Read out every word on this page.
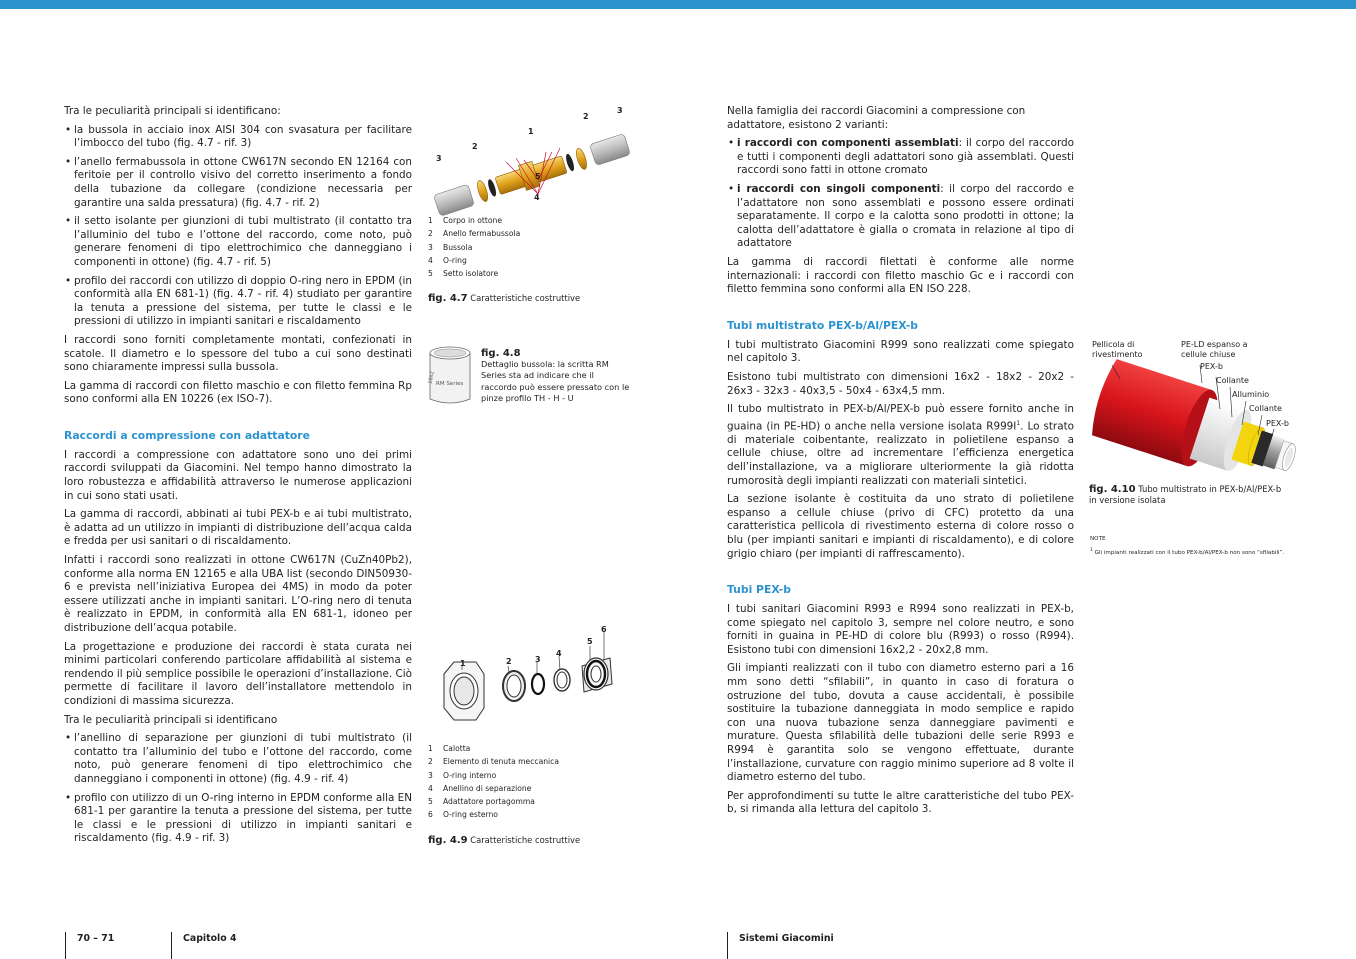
Tra le peculiarità principali si identificano:

• la bussola in acciaio inox AISI 304 con svasatura per facilitare l’imbocco del tubo (fig. 4.7 - rif. 3)
• l’anello fermabussola in ottone CW617N secondo EN 12164 con feritoie per il controllo visivo del corretto inserimento a fondo della tubazione da collegare (condizione necessaria per garantire una salda pressatura) (fig. 4.7 - rif. 2)
• il setto isolante per giunzioni di tubi multistrato (il contatto tra l’alluminio del tubo e l’ottone del raccordo, come noto, può generare fenomeni di tipo elettrochimico che danneggiano i componenti in ottone) (fig. 4.7 - rif. 5)
• profilo dei raccordi con utilizzo di doppio O-ring nero in EPDM (in conformità alla EN 681-1) (fig. 4.7 - rif. 4) studiato per garantire la tenuta a pressione del sistema, per tutte le classi e le pressioni di utilizzo in impianti sanitari e riscaldamento

I raccordi sono forniti completamente montati, confezionati in scatole. Il diametro e lo spessore del tubo a cui sono destinati sono chiaramente impressi sulla bussola.

La gamma di raccordi con filetto maschio e con filetto femmina Rp sono conformi alla EN 10226 (ex ISO-7).

Raccordi a compressione con adattatore

I raccordi a compressione con adattatore sono uno dei primi raccordi sviluppati da Giacomini. Nel tempo hanno dimostrato la loro robustezza e affidabilità attraverso le numerose applicazioni in cui sono stati usati.

La gamma di raccordi, abbinati ai tubi PEX-b e ai tubi multistrato, è adatta ad un utilizzo in impianti di distribuzione dell’acqua calda e fredda per usi sanitari o di riscaldamento.

Infatti i raccordi sono realizzati in ottone CW617N (CuZn40Pb2), conforme alla norma EN 12165 e alla UBA list (secondo DIN50930-6 e prevista nell’iniziativa Europea dei 4MS) in modo da poter essere utilizzati anche in impianti sanitari. L’O-ring nero di tenuta è realizzato in EPDM, in conformità alla EN 681-1, idoneo per distribuzione dell’acqua potabile.

La progettazione e produzione dei raccordi è stata curata nei minimi particolari conferendo particolare affidabilità al sistema e rendendo il più semplice possibile le operazioni d’installazione. Ciò permette di facilitare il lavoro dell’installatore mettendolo in condizioni di massima sicurezza.

Tra le peculiarità principali si identificano

• l’anellino di separazione per giunzioni di tubi multistrato (il contatto tra l’alluminio del tubo e l’ottone del raccordo, come noto, può generare fenomeni di tipo elettrochimico che danneggiano i componenti in ottone) (fig. 4.9 - rif. 4)
• profilo con utilizzo di un O-ring interno in EPDM conforme alla EN 681-1 per garantire la tenuta a pressione del sistema, per tutte le classi e le pressioni di utilizzo in impianti sanitari e riscaldamento (fig. 4.9 - rif. 3)
1
2
3
2
3
4
5
1 Corpo in ottone
2 Anello fermabussola
3 Bussola
4 O-ring
5 Setto isolatore
fig. 4.7 Caratteristiche costruttive
RM Series
16x2
fig. 4.8
Dettaglio bussola: la scritta RM Series sta ad indicare che il raccordo può essere pressato con le pinze profilo TH - H - U
1	2	3
4
5
6
1 Calotta
2 Elemento di tenuta meccanica
3 O-ring interno
4 Anellino di separazione
5 Adattatore portagomma
6 O-ring esterno
fig. 4.9 Caratteristiche costruttive

Nella famiglia dei raccordi Giacomini a compressione con adattatore, esistono 2 varianti:

• i raccordi con componenti assemblati: il corpo del raccordo e tutti i componenti degli adattatori sono già assemblati. Questi raccordi sono fatti in ottone cromato
• i raccordi con singoli componenti: il corpo del raccordo e l’adattatore non sono assemblati e possono essere ordinati separatamente. Il corpo e la calotta sono prodotti in ottone; la calotta dell’adattatore è gialla o cromata in relazione al tipo di adattatore

La gamma di raccordi filettati è conforme alle norme internazionali: i raccordi con filetto maschio Gc e i raccordi con filetto femmina sono conformi alla EN ISO 228.

Tubi multistrato PEX-b/Al/PEX-b

I tubi multistrato Giacomini R999 sono realizzati come spiegato nel capitolo 3.

Esistono tubi multistrato con dimensioni 16x2 - 18x2 - 20x2 - 26x3 - 32x3 - 40x3,5 - 50x4 - 63x4,5 mm.

Il tubo multistrato in PEX-b/Al/PEX-b può essere fornito anche in guaina (in PE-HD) o anche nella versione isolata $R999I^1$. Lo strato di materiale coibentante, realizzato in polietilene espanso a cellule chiuse, oltre ad incrementare l’efficienza energetica dell’installazione, va a migliorare ulteriormente la già ridotta rumorosità degli impianti realizzati con materiali sintetici.

La sezione isolante è costituita da uno strato di polietilene espanso a cellule chiuse (privo di CFC) protetto da una caratteristica pellicola di rivestimento esterna di colore rosso o blu (per impianti sanitari e impianti di riscaldamento), e di colore grigio chiaro (per impianti di raffrescamento).

Tubi PEX-b

I tubi sanitari Giacomini R993 e R994 sono realizzati in PEX-b, come spiegato nel capitolo 3, sempre nel colore neutro, e sono forniti in guaina in PE-HD di colore blu (R993) o rosso (R994). Esistono tubi con dimensioni 16x2,2 - 20x2,8 mm.

Gli impianti realizzati con il tubo con diametro esterno pari a 16 mm sono detti “sfilabili”, in quanto in caso di foratura o ostruzione del tubo, dovuta a cause accidentali, è possibile sostituire la tubazione danneggiata in modo semplice e rapido con una nuova tubazione senza danneggiare pavimenti e murature. Questa sfilabilità delle tubazioni delle serie R993 e R994 è garantita solo se vengono effettuate, durante l’installazione, curvature con raggio minimo superiore ad 8 volte il diametro esterno del tubo.

Per approfondimenti su tutte le altre caratteristiche del tubo PEX-b, si rimanda alla lettura del capitolo 3.

Pellicola di rivestimento
PE-LD espanso a cellule chiuse
PEX-b
Collante
Alluminio
Collante
PEX-b
fig. 4.10 Tubo multistrato in PEX-b/Al/PEX-b in versione isolata
NOTE
$^1$ Gli impianti realizzati con il tubo PEX-b/Al/PEX-b non sono “sfilabili”.
70 – 71	Capitolo 4	Sistemi Giacomini
